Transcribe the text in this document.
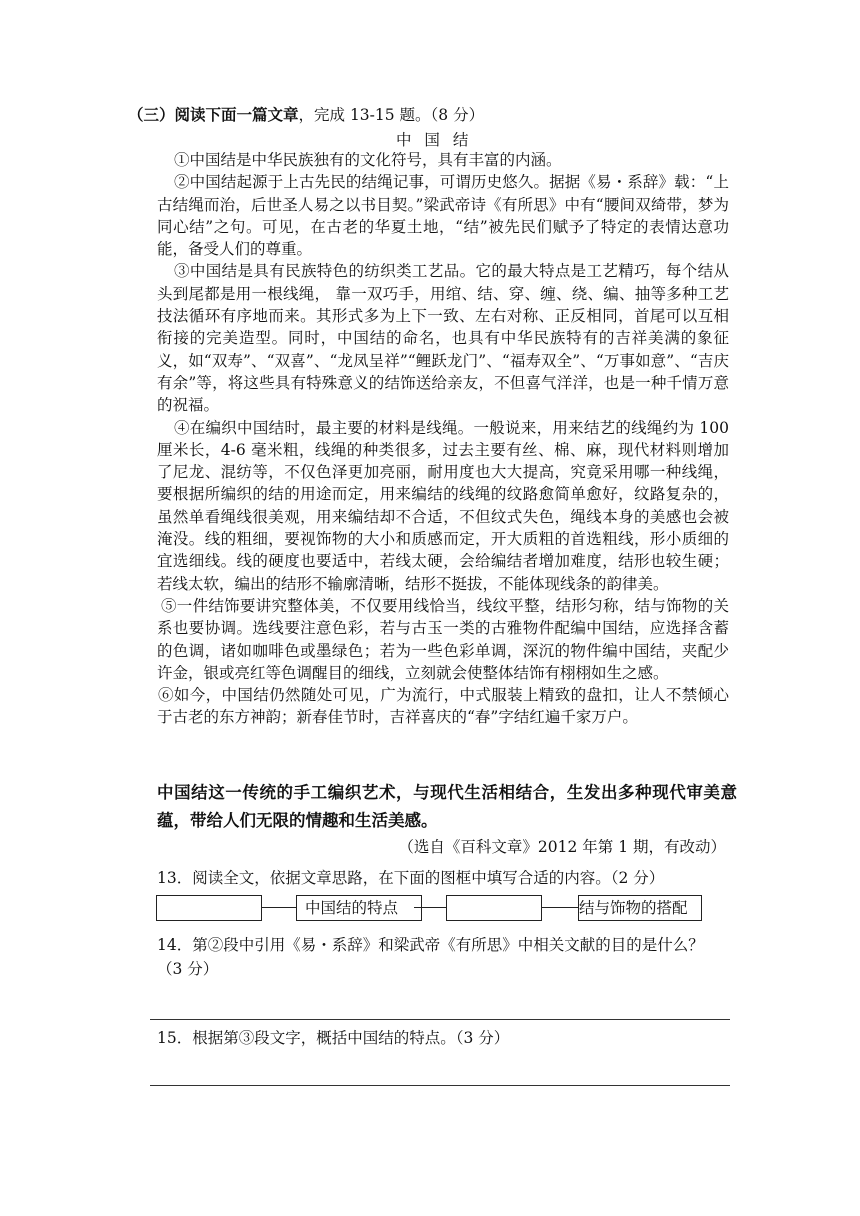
（三）阅读下面一篇文章，完成 13-15 题。（8 分）
中 国 结

①中国结是中华民族独有的文化符号，具有丰富的内涵。

②中国结起源于上古先民的结绳记事，可谓历史悠久。据据《易・系辞》载：“上古结绳而治，后世圣人易之以书目契。”梁武帝诗《有所思》中有“腰间双绮带，梦为同心结”之句。可见，在古老的华夏土地，“结”被先民们赋予了特定的表情达意功能，备受人们的尊重。

③中国结是具有民族特色的纺织类工艺品。它的最大特点是工艺精巧，每个结从头到尾都是用一根线绳， 靠一双巧手，用绾、结、穿、缠、绕、编、抽等多种工艺技法循环有序地而来。其形式多为上下一致、左右对称、正反相同，首尾可以互相衔接的完美造型。同时，中国结的命名，也具有中华民族特有的吉祥美满的象征义，如“双寿”、“双喜”、“龙凤呈祥”“鲤跃龙门”、“福寿双全”、“万事如意”、“吉庆有余”等，将这些具有特殊意义的结饰送给亲友，不但喜气洋洋，也是一种千情万意的祝福。

④在编织中国结时，最主要的材料是线绳。一般说来，用来结艺的线绳约为 100 厘米长，4-6 毫米粗，线绳的种类很多，过去主要有丝、棉、麻，现代材料则增加了尼龙、混纺等，不仅色泽更加亮丽，耐用度也大大提高，究竟采用哪一种线绳，要根据所编织的结的用途而定，用来编结的线绳的纹路愈简单愈好，纹路复杂的，虽然单看绳线很美观，用来编结却不合适，不但纹式失色，绳线本身的美感也会被淹没。线的粗细，要视饰物的大小和质感而定，开大质粗的首选粗线，形小质细的宜选细线。线的硬度也要适中，若线太硬，会给编结者增加难度，结形也较生硬；若线太软，编出的结形不输廓清晰，结形不挺拔，不能体现线条的韵律美。

⑤一件结饰要讲究整体美，不仅要用线恰当，线纹平整，结形匀称，结与饰物的关系也要协调。选线要注意色彩，若与古玉一类的古雅物件配编中国结，应选择含蓄的色调，诸如咖啡色或墨绿色；若为一些色彩单调，深沉的物件编中国结，夹配少许金，银或亮红等色调醒目的细线，立刻就会使整体结饰有栩栩如生之感。

⑥如今，中国结仍然随处可见，广为流行，中式服装上精致的盘扣，让人不禁倾心于古老的东方神韵；新春佳节时，吉祥喜庆的“春”字结红遍千家万户。

中国结这一传统的手工编织艺术，与现代生活相结合，生发出多种现代审美意蕴，带给人们无限的情趣和生活美感。
（选自《百科文章》2012 年第 1 期，有改动）
13．阅读全文，依据文章思路，在下面的图框中填写合适的内容。（2 分）
中国结的特点	结与饰物的搭配
14．第②段中引用《易・系辞》和梁武帝《有所思》中相关文献的目的是什么？（3 分）
15．根据第③段文字，概括中国结的特点。（3 分）
